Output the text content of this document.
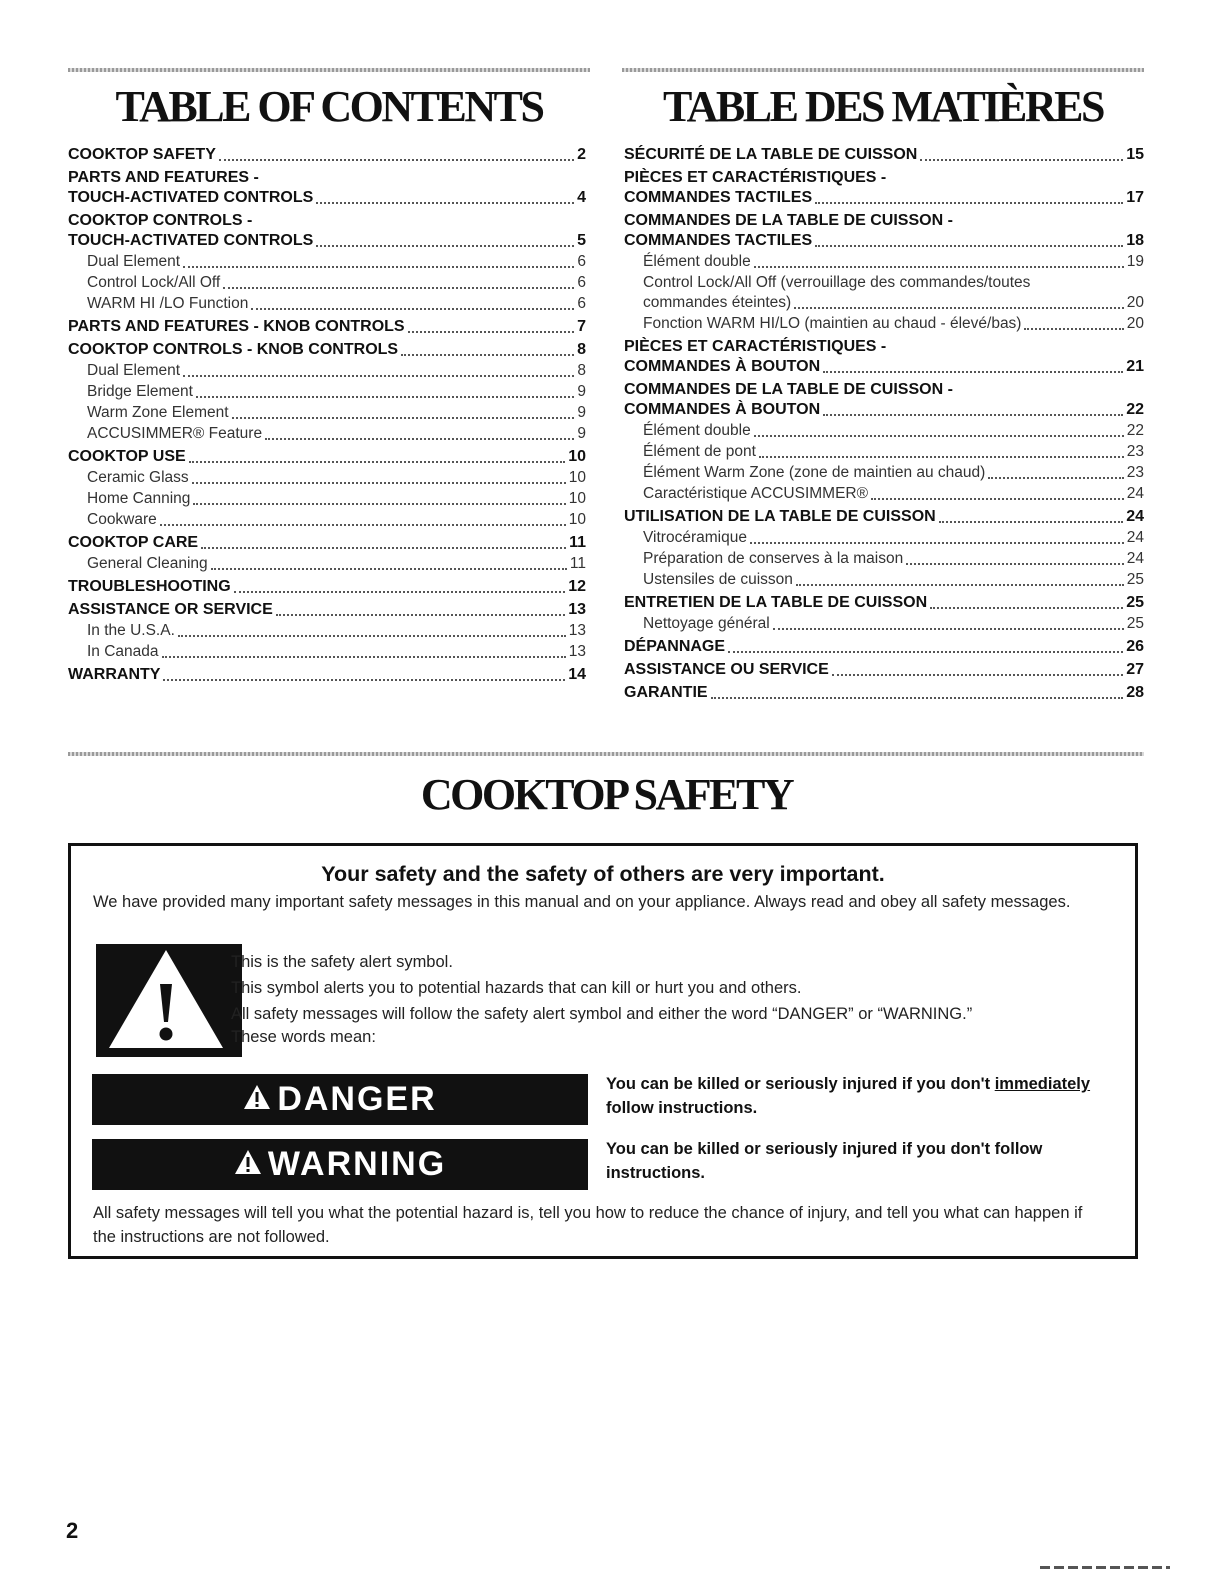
TABLE OF CONTENTS
COOKTOP SAFETY	2
PARTS AND FEATURES -
TOUCH-ACTIVATED CONTROLS	4
COOKTOP CONTROLS -
TOUCH-ACTIVATED CONTROLS	5
Dual Element	6
Control Lock/All Off	6
WARM HI /LO Function	6
PARTS AND FEATURES - KNOB CONTROLS	7
COOKTOP CONTROLS - KNOB CONTROLS	8
Dual Element	8
Bridge Element	9
Warm Zone Element	9
ACCUSIMMER® Feature	9
COOKTOP USE	10
Ceramic Glass	10
Home Canning	10
Cookware	10
COOKTOP CARE	11
General Cleaning	11
TROUBLESHOOTING	12
ASSISTANCE OR SERVICE	13
In the U.S.A.	13
In Canada	13
WARRANTY	14
TABLE DES MATIÈRES
SÉCURITÉ DE LA TABLE DE CUISSON	15
PIÈCES ET CARACTÉRISTIQUES -
COMMANDES TACTILES	17
COMMANDES DE LA TABLE DE CUISSON -
COMMANDES TACTILES	18
Élément double	19
Control Lock/All Off (verrouillage des commandes/toutes
commandes éteintes)	20
Fonction WARM HI/LO (maintien au chaud - élevé/bas)	20
PIÈCES ET CARACTÉRISTIQUES -
COMMANDES À BOUTON	21
COMMANDES DE LA TABLE DE CUISSON -
COMMANDES À BOUTON	22
Élément double	22
Élément de pont	23
Élément Warm Zone (zone de maintien au chaud)	23
Caractéristique ACCUSIMMER®	24
UTILISATION DE LA TABLE DE CUISSON	24
Vitrocéramique	24
Préparation de conserves à la maison	24
Ustensiles de cuisson	25
ENTRETIEN DE LA TABLE DE CUISSON	25
Nettoyage général	25
DÉPANNAGE	26
ASSISTANCE OU SERVICE	27
GARANTIE	28
COOKTOP SAFETY
Your safety and the safety of others are very important.
We have provided many important safety messages in this manual and on your appliance. Always read and obey all safety messages.
This is the safety alert symbol.
This symbol alerts you to potential hazards that can kill or hurt you and others.
All safety messages will follow the safety alert symbol and either the word “DANGER” or “WARNING.”
These words mean:
DANGER	You can be killed or seriously injured if you don't immediately
follow instructions.
WARNING	You can be killed or seriously injured if you don't follow instructions.
All safety messages will tell you what the potential hazard is, tell you how to reduce the chance of injury, and tell you what can happen if the instructions are not followed.
2
